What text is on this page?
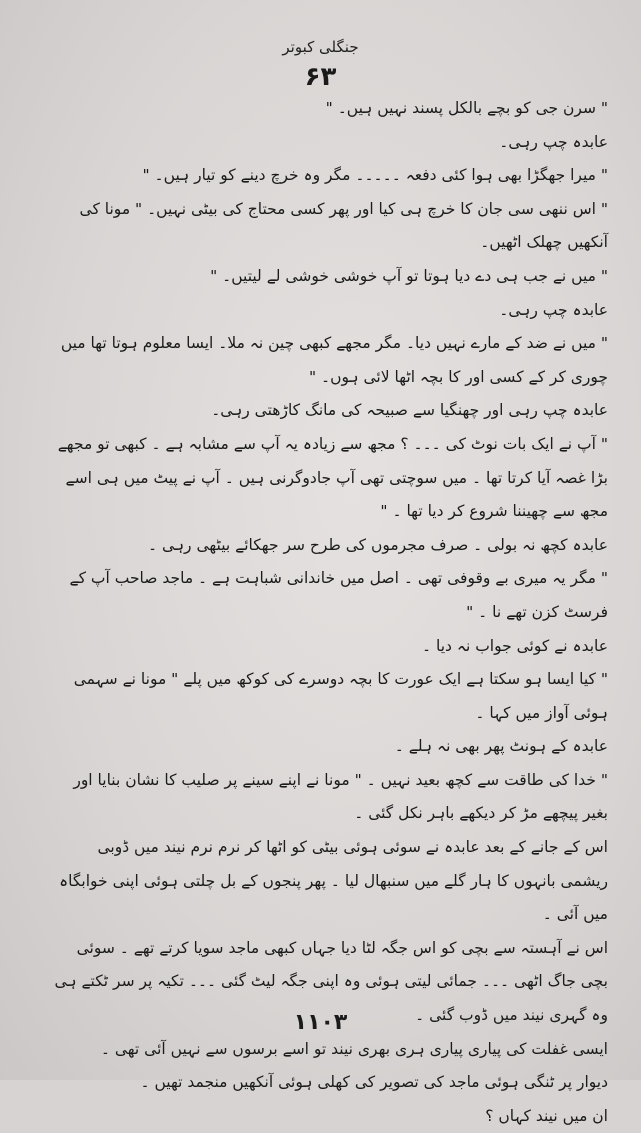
جنگلی کبوتر
۶۳

" سرن جی کو بچے بالکل پسند نہیں ہیں۔ "

عابدہ چپ رہی۔

" میرا جھگڑا بھی ہوا کئی دفعہ ۔۔۔۔۔ مگر وہ خرچ دینے کو تیار ہیں۔ "

" اس ننھی سی جان کا خرچ ہی کیا اور پھر کسی محتاج کی بیٹی نہیں۔ " مونا کی آنکھیں چھلک اٹھیں۔

" میں نے جب ہی دے دیا ہوتا تو آپ خوشی خوشی لے لیتیں۔ "

عابدہ چپ رہی۔

" میں نے ضد کے مارے نہیں دیا۔ مگر مجھے کبھی چین نہ ملا۔ ایسا معلوم ہوتا تھا میں چوری کر کے کسی اور کا بچہ اٹھا لائی ہوں۔ "

عابدہ چپ رہی اور چھنگیا سے صبیحہ کی مانگ کاڑھتی رہی۔

" آپ نے ایک بات نوٹ کی ۔۔۔ ؟ مجھ سے زیادہ یہ آپ سے مشابہ ہے ۔ کبھی تو مجھے بڑا غصہ آیا کرتا تھا ۔ میں سوچتی تھی آپ جادوگرنی ہیں ۔ آپ نے پیٹ میں ہی اسے مجھ سے چھیننا شروع کر دیا تھا ۔ "

عابدہ کچھ نہ بولی ۔ صرف مجرموں کی طرح سر جھکائے بیٹھی رہی ۔

" مگر یہ میری بے وقوفی تھی ۔ اصل میں خاندانی شباہت ہے ۔ ماجد صاحب آپ کے فرسٹ کزن تھے نا ۔ "

عابدہ نے کوئی جواب نہ دیا ۔

" کیا ایسا ہو سکتا ہے ایک عورت کا بچہ دوسرے کی کوکھ میں پلے " مونا نے سہمی ہوئی آواز میں کہا ۔

عابدہ کے ہونٹ پھر بھی نہ ہلے ۔

" خدا کی طاقت سے کچھ بعید نہیں ۔ " مونا نے اپنے سینے پر صلیب کا نشان بنایا اور بغیر پیچھے مڑ کر دیکھے باہر نکل گئی ۔

اس کے جانے کے بعد عابدہ نے سوئی ہوئی بیٹی کو اٹھا کر نرم نرم نیند میں ڈوبی ریشمی بانہوں کا ہار گلے میں سنبھال لیا ۔ پھر پنجوں کے بل چلتی ہوئی اپنی خوابگاہ میں آئی ۔

اس نے آہستہ سے بچی کو اس جگہ لٹا دیا جہاں کبھی ماجد سویا کرتے تھے ۔ سوئی بچی جاگ اٹھی ۔۔۔ جمائی لیتی ہوئی وہ اپنی جگہ لیٹ گئی ۔۔۔ تکیہ پر سر ٹکتے ہی وہ گہری نیند میں ڈوب گئی ۔

ایسی غفلت کی پیاری پیاری ہری بھری نیند تو اسے برسوں سے نہیں آئی تھی ۔

دیوار پر ٹنگی ہوئی ماجد کی تصویر کی کھلی ہوئی آنکھیں منجمد تھیں ۔

ان میں نیند کہاں ؟

۱۱۰۳
